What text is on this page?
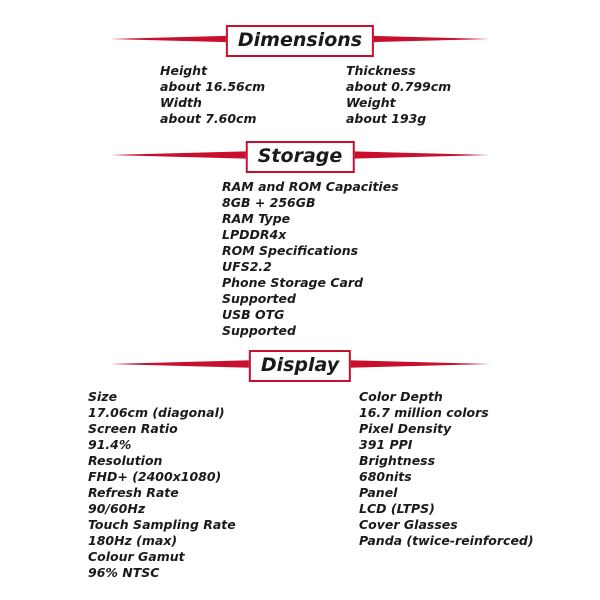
Dimensions
Height
about 16.56cm
Width
about 7.60cm
Thickness
about 0.799cm
Weight
about 193g
Storage
RAM and ROM Capacities
8GB + 256GB
RAM Type
LPDDR4x
ROM Specifications
UFS2.2
Phone Storage Card
Supported
USB OTG
Supported
Display
Size
17.06cm (diagonal)
Screen Ratio
91.4%
Resolution
FHD+ (2400x1080)
Refresh Rate
90/60Hz
Touch Sampling Rate
180Hz (max)
Colour Gamut
96% NTSC
Color Depth
16.7 million colors
Pixel Density
391 PPI
Brightness
680nits
Panel
LCD (LTPS)
Cover Glasses
Panda (twice-reinforced)
